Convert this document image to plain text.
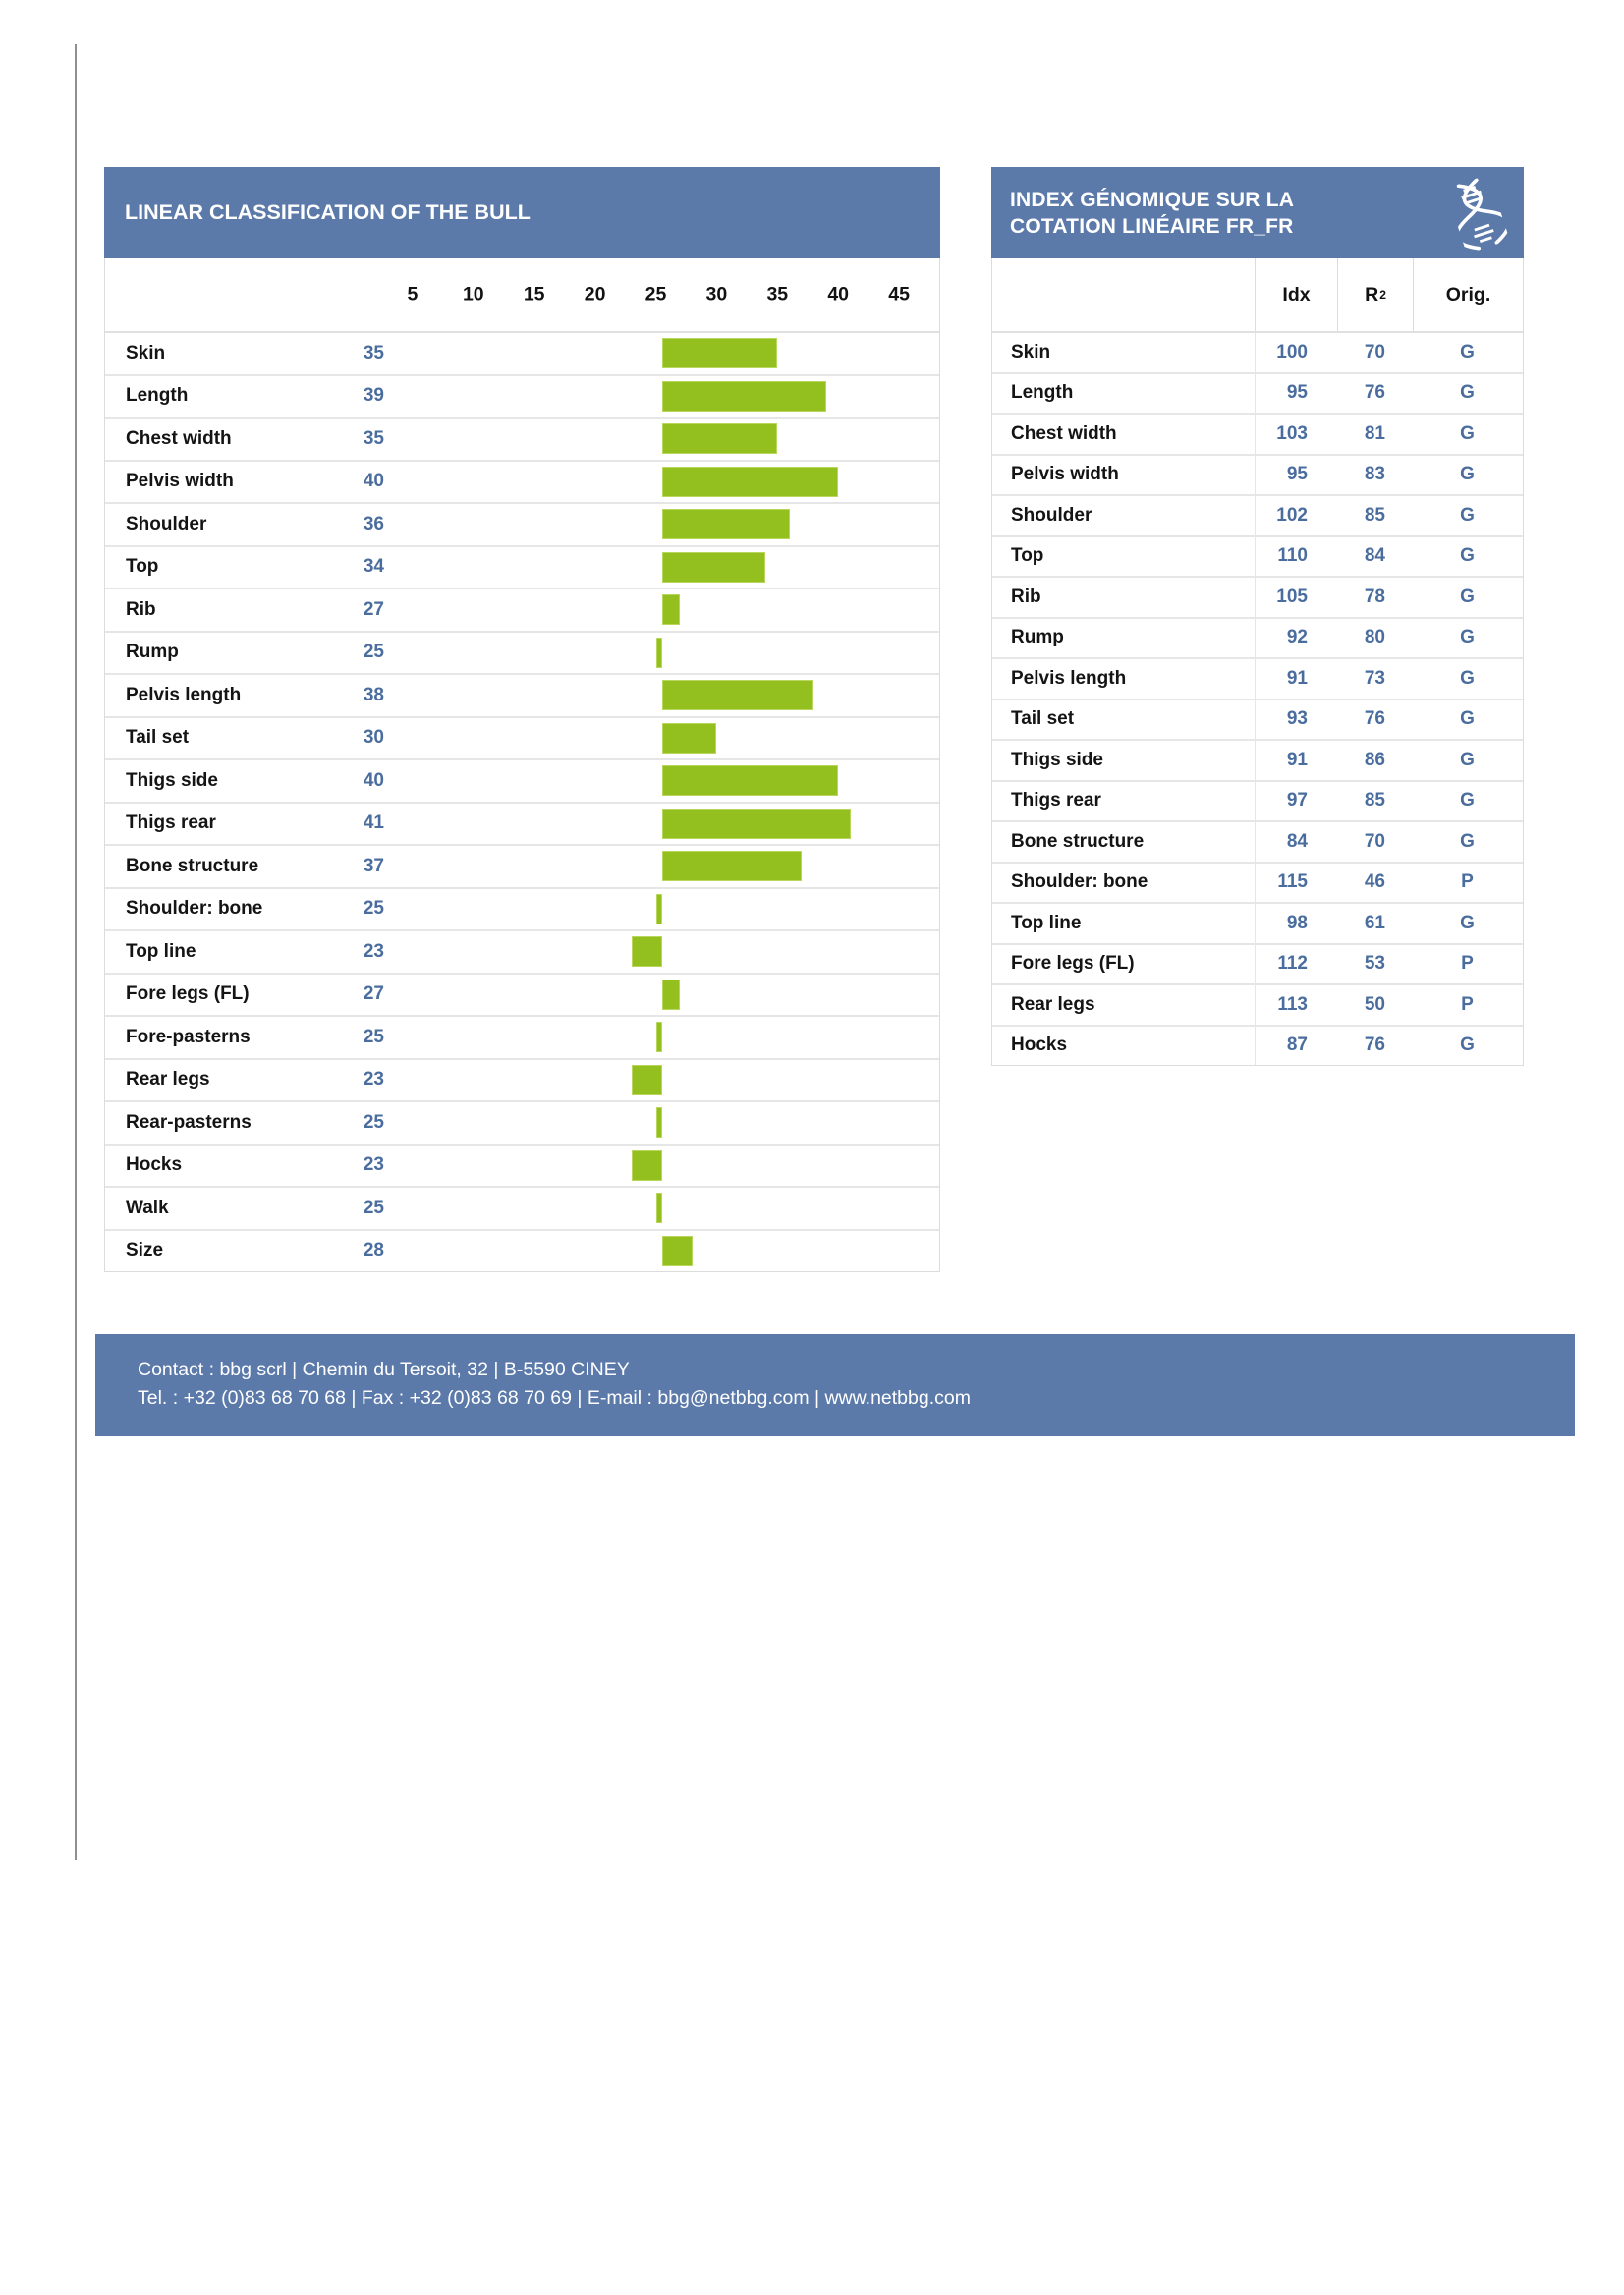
LINEAR CLASSIFICATION OF THE BULL
5	10	15	20	25	30	35	40	45
Skin	35
Length	39
Chest width	35
Pelvis width	40
Shoulder	36
Top	34
Rib	27
Rump	25
Pelvis length	38
Tail set	30
Thigs side	40
Thigs rear	41
Bone structure	37
Shoulder: bone	25
Top line	23
Fore legs (FL)	27
Fore-pasterns	25
Rear legs	23
Rear-pasterns	25
Hocks	23
Walk	25
Size	28
INDEX GÉNOMIQUE SUR LA
COTATION LINÉAIRE FR_FR
Idx	R 2	Orig.
Skin	100	70	G
Length	95	76	G
Chest width	103	81	G
Pelvis width	95	83	G
Shoulder	102	85	G
Top	110	84	G
Rib	105	78	G
Rump	92	80	G
Pelvis length	91	73	G
Tail set	93	76	G
Thigs side	91	86	G
Thigs rear	97	85	G
Bone structure	84	70	G
Shoulder: bone	115	46	P
Top line	98	61	G
Fore legs (FL)	112	53	P
Rear legs	113	50	P
Hocks	87	76	G
Contact : bbg scrl | Chemin du Tersoit, 32 | B-5590 CINEY
Tel. : +32 (0)83 68 70 68 | Fax : +32 (0)83 68 70 69 | E-mail : bbg@netbbg.com | www.netbbg.com
